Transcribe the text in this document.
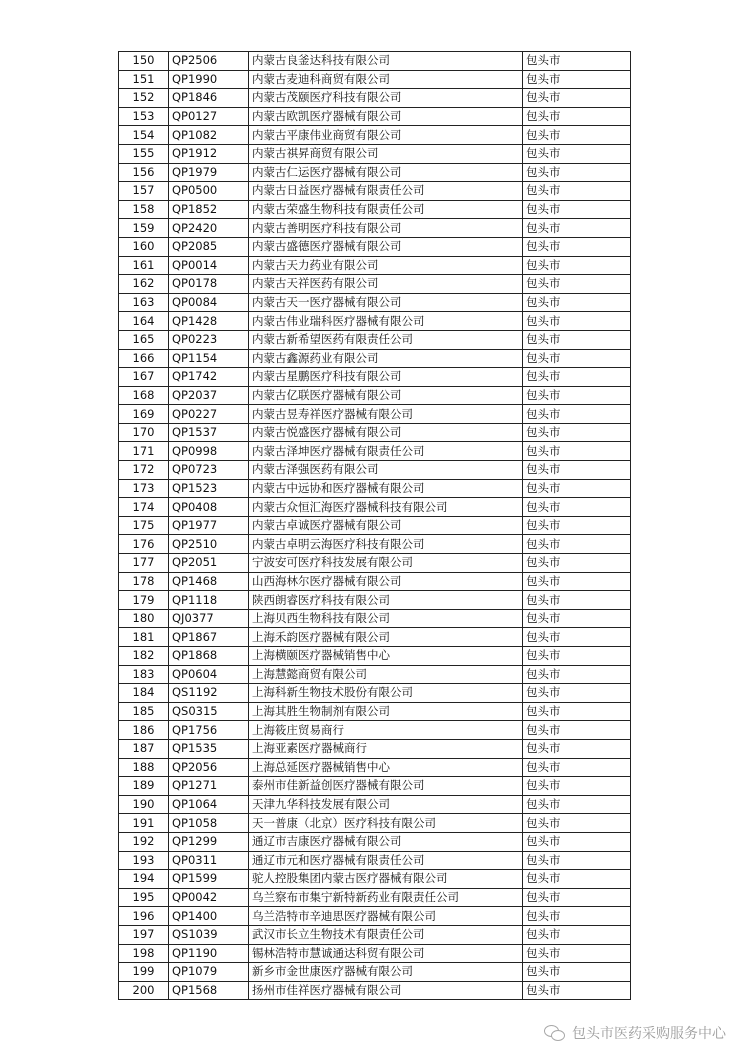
150	QP2506	内蒙古良釜达科技有限公司	包头市
151	QP1990	内蒙古麦迪科商贸有限公司	包头市
152	QP1846	内蒙古茂颐医疗科技有限公司	包头市
153	QP0127	内蒙古欧凯医疗器械有限公司	包头市
154	QP1082	内蒙古平康伟业商贸有限公司	包头市
155	QP1912	内蒙古祺昇商贸有限公司	包头市
156	QP1979	内蒙古仁运医疗器械有限公司	包头市
157	QP0500	内蒙古日益医疗器械有限责任公司	包头市
158	QP1852	内蒙古荣盛生物科技有限责任公司	包头市
159	QP2420	内蒙古善明医疗科技有限公司	包头市
160	QP2085	内蒙古盛德医疗器械有限公司	包头市
161	QP0014	内蒙古天力药业有限公司	包头市
162	QP0178	内蒙古天祥医药有限公司	包头市
163	QP0084	内蒙古天一医疗器械有限公司	包头市
164	QP1428	内蒙古伟业瑞科医疗器械有限公司	包头市
165	QP0223	内蒙古新希望医药有限责任公司	包头市
166	QP1154	内蒙古鑫源药业有限公司	包头市
167	QP1742	内蒙古星鹏医疗科技有限公司	包头市
168	QP2037	内蒙古亿联医疗器械有限公司	包头市
169	QP0227	内蒙古昱寿祥医疗器械有限公司	包头市
170	QP1537	内蒙古悦盛医疗器械有限公司	包头市
171	QP0998	内蒙古泽坤医疗器械有限责任公司	包头市
172	QP0723	内蒙古泽强医药有限公司	包头市
173	QP1523	内蒙古中远协和医疗器械有限公司	包头市
174	QP0408	内蒙古众恒汇海医疗器械科技有限公司	包头市
175	QP1977	内蒙古卓诚医疗器械有限公司	包头市
176	QP2510	内蒙古卓明云海医疗科技有限公司	包头市
177	QP2051	宁波安可医疗科技发展有限公司	包头市
178	QP1468	山西海林尔医疗器械有限公司	包头市
179	QP1118	陕西朗睿医疗科技有限公司	包头市
180	QJ0377	上海贝西生物科技有限公司	包头市
181	QP1867	上海禾韵医疗器械有限公司	包头市
182	QP1868	上海横颐医疗器械销售中心	包头市
183	QP0604	上海慧懿商贸有限公司	包头市
184	QS1192	上海科新生物技术股份有限公司	包头市
185	QS0315	上海其胜生物制剂有限公司	包头市
186	QP1756	上海筱庄贸易商行	包头市
187	QP1535	上海亚素医疗器械商行	包头市
188	QP2056	上海总延医疗器械销售中心	包头市
189	QP1271	泰州市佳新益创医疗器械有限公司	包头市
190	QP1064	天津九华科技发展有限公司	包头市
191	QP1058	天一普康（北京）医疗科技有限公司	包头市
192	QP1299	通辽市吉康医疗器械有限公司	包头市
193	QP0311	通辽市元和医疗器械有限责任公司	包头市
194	QP1599	驼人控股集团内蒙古医疗器械有限公司	包头市
195	QP0042	乌兰察布市集宁新特新药业有限责任公司	包头市
196	QP1400	乌兰浩特市辛迪思医疗器械有限公司	包头市
197	QS1039	武汉市长立生物技术有限责任公司	包头市
198	QP1190	锡林浩特市慧诚通达科贸有限公司	包头市
199	QP1079	新乡市金世康医疗器械有限公司	包头市
200	QP1568	扬州市佳祥医疗器械有限公司	包头市
包头市医药采购服务中心
